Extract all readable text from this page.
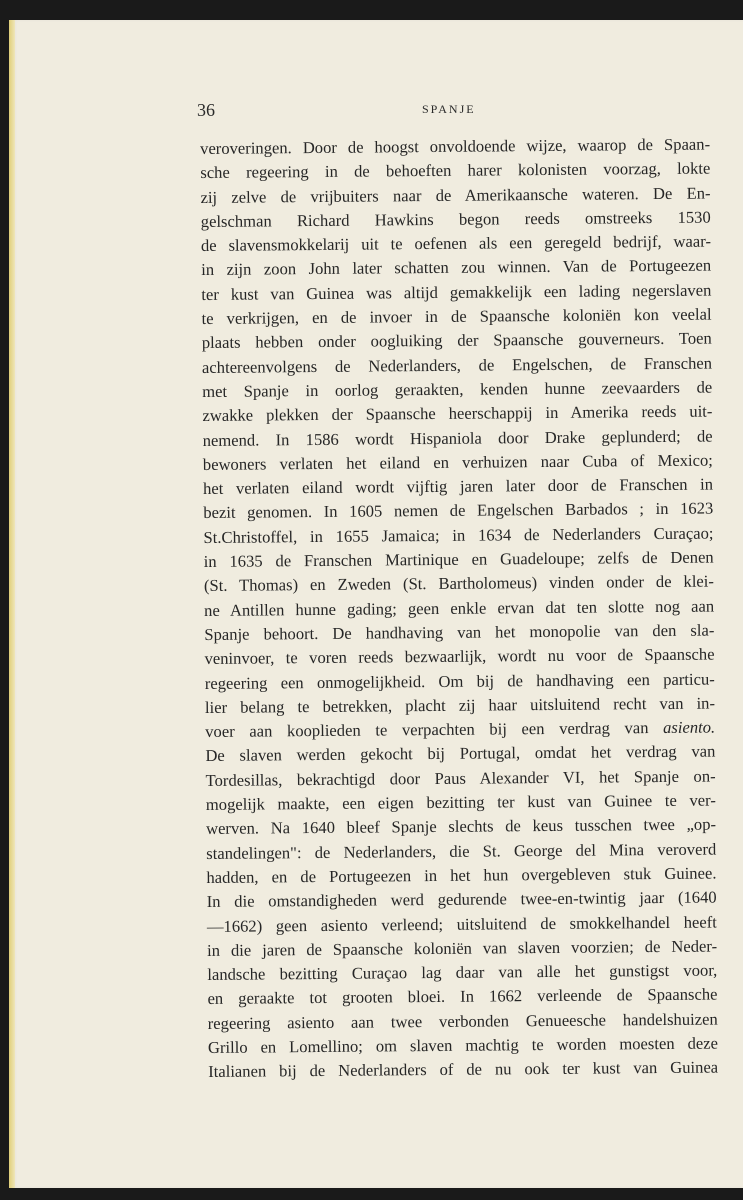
36	SPANJE
veroveringen. Door de hoogst onvoldoende wijze, waarop de Spaan-
sche regeering in de behoeften harer kolonisten voorzag, lokte
zij zelve de vrijbuiters naar de Amerikaansche wateren. De En-
gelschman Richard Hawkins begon reeds omstreeks 1530
de slavensmokkelarij uit te oefenen als een geregeld bedrijf, waar-
in zijn zoon John later schatten zou winnen. Van de Portugeezen
ter kust van Guinea was altijd gemakkelijk een lading negerslaven
te verkrijgen, en de invoer in de Spaansche koloniën kon veelal
plaats hebben onder oogluiking der Spaansche gouverneurs. Toen
achtereenvolgens de Nederlanders, de Engelschen, de Franschen
met Spanje in oorlog geraakten, kenden hunne zeevaarders de
zwakke plekken der Spaansche heerschappij in Amerika reeds uit-
nemend. In 1586 wordt Hispaniola door Drake geplunderd; de
bewoners verlaten het eiland en verhuizen naar Cuba of Mexico;
het verlaten eiland wordt vijftig jaren later door de Franschen in
bezit genomen. In 1605 nemen de Engelschen Barbados ; in 1623
St.Christoffel, in 1655 Jamaica; in 1634 de Nederlanders Curaçao;
in 1635 de Franschen Martinique en Guadeloupe; zelfs de Denen
(St. Thomas) en Zweden (St. Bartholomeus) vinden onder de klei-
ne Antillen hunne gading; geen enkle ervan dat ten slotte nog aan
Spanje behoort. De handhaving van het monopolie van den sla-
veninvoer, te voren reeds bezwaarlijk, wordt nu voor de Spaansche
regeering een onmogelijkheid. Om bij de handhaving een particu-
lier belang te betrekken, placht zij haar uitsluitend recht van in-
voer aan kooplieden te verpachten bij een verdrag van asiento.
De slaven werden gekocht bij Portugal, omdat het verdrag van
Tordesillas, bekrachtigd door Paus Alexander VI, het Spanje on-
mogelijk maakte, een eigen bezitting ter kust van Guinee te ver-
werven. Na 1640 bleef Spanje slechts de keus tusschen twee „op-
standelingen": de Nederlanders, die St. George del Mina veroverd
hadden, en de Portugeezen in het hun overgebleven stuk Guinee.
In die omstandigheden werd gedurende twee-en-twintig jaar (1640
—1662) geen asiento verleend; uitsluitend de smokkelhandel heeft
in die jaren de Spaansche koloniën van slaven voorzien; de Neder-
landsche bezitting Curaçao lag daar van alle het gunstigst voor,
en geraakte tot grooten bloei. In 1662 verleende de Spaansche
regeering asiento aan twee verbonden Genueesche handelshuizen
Grillo en Lomellino; om slaven machtig te worden moesten deze
Italianen bij de Nederlanders of de nu ook ter kust van Guinea
